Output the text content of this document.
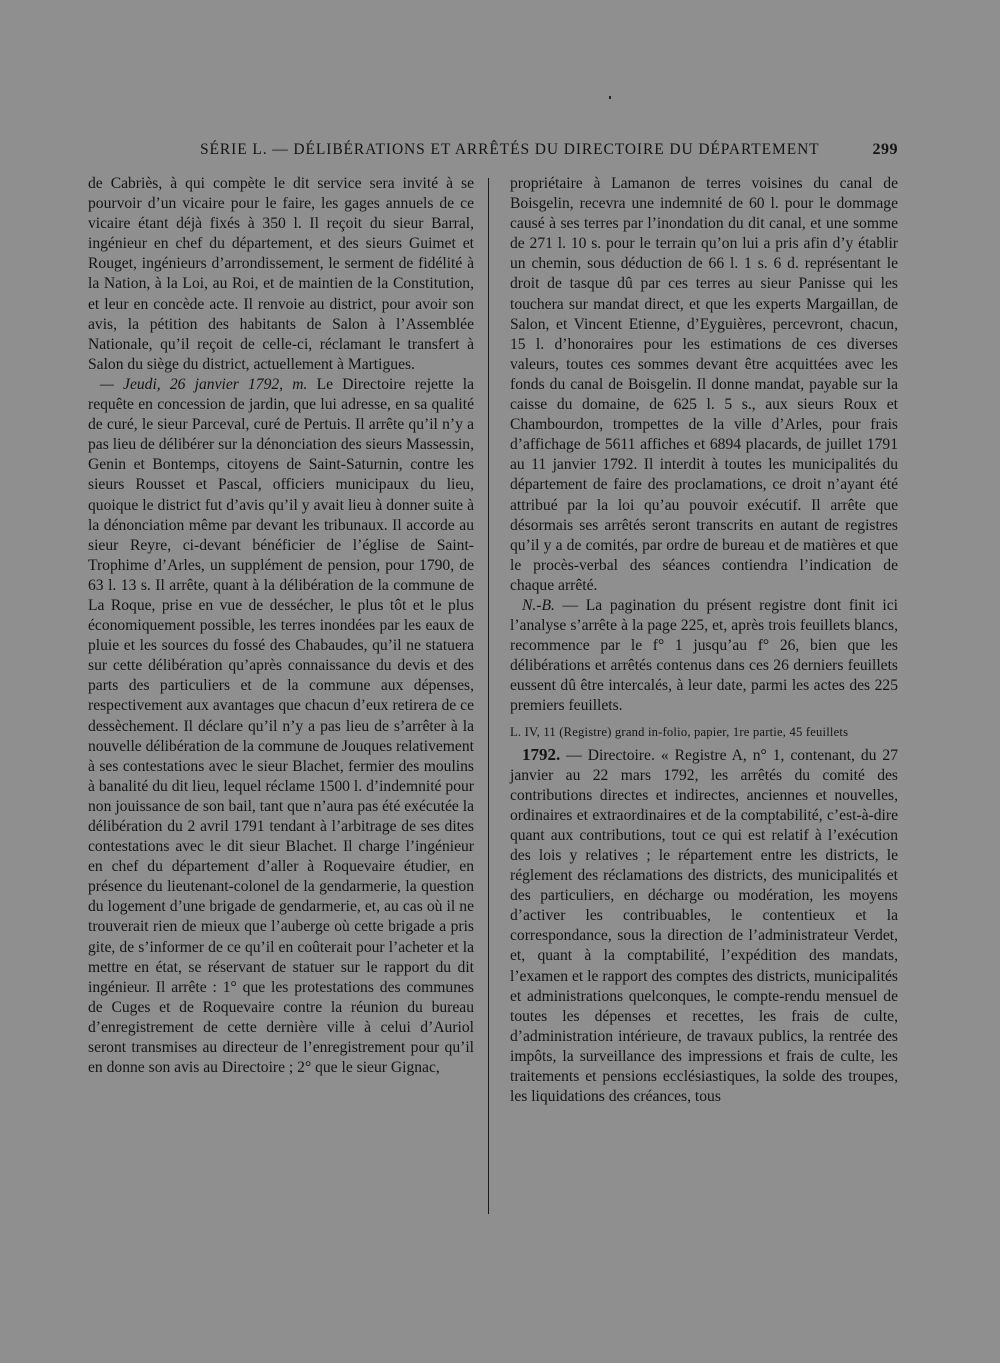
SÉRIE L. — DÉLIBÉRATIONS ET ARRÊTÉS DU DIRECTOIRE DU DÉPARTEMENT	299

de Cabriès, à qui compète le dit service sera invité à se pourvoir d’un vicaire pour le faire, les gages annuels de ce vicaire étant déjà fixés à 350 l. Il reçoit du sieur Barral, ingénieur en chef du département, et des sieurs Guimet et Rouget, ingénieurs d’arrondissement, le serment de fidélité à la Nation, à la Loi, au Roi, et de maintien de la Constitution, et leur en concède acte. Il renvoie au district, pour avoir son avis, la pétition des habitants de Salon à l’Assemblée Nationale, qu’il reçoit de celle-ci, réclamant le transfert à Salon du siège du district, actuellement à Martigues.

— Jeudi, 26 janvier 1792, m. Le Directoire rejette la requête en concession de jardin, que lui adresse, en sa qualité de curé, le sieur Parceval, curé de Pertuis. Il arrête qu’il n’y a pas lieu de délibérer sur la dénonciation des sieurs Massessin, Genin et Bontemps, citoyens de Saint-Saturnin, contre les sieurs Rousset et Pascal, officiers municipaux du lieu, quoique le district fut d’avis qu’il y avait lieu à donner suite à la dénonciation même par devant les tribunaux. Il accorde au sieur Reyre, ci-devant bénéficier de l’église de Saint-Trophime d’Arles, un supplément de pension, pour 1790, de 63 l. 13 s. Il arrête, quant à la délibération de la commune de La Roque, prise en vue de dessécher, le plus tôt et le plus économiquement possible, les terres inondées par les eaux de pluie et les sources du fossé des Chabaudes, qu’il ne statuera sur cette délibération qu’après connaissance du devis et des parts des particuliers et de la commune aux dépenses, respectivement aux avantages que chacun d’eux retirera de ce dessèchement. Il déclare qu’il n’y a pas lieu de s’arrêter à la nouvelle délibération de la commune de Jouques relativement à ses contestations avec le sieur Blachet, fermier des moulins à banalité du dit lieu, lequel réclame 1500 l. d’indemnité pour non jouissance de son bail, tant que n’aura pas été exécutée la délibération du 2 avril 1791 tendant à l’arbitrage de ses dites contestations avec le dit sieur Blachet. Il charge l’ingénieur en chef du département d’aller à Roquevaire étudier, en présence du lieutenant-colonel de la gendarmerie, la question du logement d’une brigade de gendarmerie, et, au cas où il ne trouverait rien de mieux que l’auberge où cette brigade a pris gite, de s’informer de ce qu’il en coûterait pour l’acheter et la mettre en état, se réservant de statuer sur le rapport du dit ingénieur. Il arrête : 1° que les protestations des communes de Cuges et de Roquevaire contre la réunion du bureau d’enregistrement de cette dernière ville à celui d’Auriol seront transmises au directeur de l’enregistrement pour qu’il en donne son avis au Directoire ; 2° que le sieur Gignac,

propriétaire à Lamanon de terres voisines du canal de Boisgelin, recevra une indemnité de 60 l. pour le dommage causé à ses terres par l’inondation du dit canal, et une somme de 271 l. 10 s. pour le terrain qu’on lui a pris afin d’y établir un chemin, sous déduction de 66 l. 1 s. 6 d. représentant le droit de tasque dû par ces terres au sieur Panisse qui les touchera sur mandat direct, et que les experts Margaillan, de Salon, et Vincent Etienne, d’Eyguières, percevront, chacun, 15 l. d’honoraires pour les estimations de ces diverses valeurs, toutes ces sommes devant être acquittées avec les fonds du canal de Boisgelin. Il donne mandat, payable sur la caisse du domaine, de 625 l. 5 s., aux sieurs Roux et Chambourdon, trompettes de la ville d’Arles, pour frais d’affichage de 5611 affiches et 6894 placards, de juillet 1791 au 11 janvier 1792. Il interdit à toutes les municipalités du département de faire des proclamations, ce droit n’ayant été attribué par la loi qu’au pouvoir exécutif. Il arrête que désormais ses arrêtés seront transcrits en autant de registres qu’il y a de comités, par ordre de bureau et de matières et que le procès-verbal des séances contiendra l’indication de chaque arrêté.

N.-B. — La pagination du présent registre dont finit ici l’analyse s’arrête à la page 225, et, après trois feuillets blancs, recommence par le f° 1 jusqu’au f° 26, bien que les délibérations et arrêtés contenus dans ces 26 derniers feuillets eussent dû être intercalés, à leur date, parmi les actes des 225 premiers feuillets.

L. IV, 11 (Registre) grand in-folio, papier, 1re partie, 45 feuillets

1792. — Directoire. « Registre A, n° 1, contenant, du 27 janvier au 22 mars 1792, les arrêtés du comité des contributions directes et indirectes, anciennes et nouvelles, ordinaires et extraordinaires et de la comptabilité, c’est-à-dire quant aux contributions, tout ce qui est relatif à l’exécution des lois y relatives ; le répartement entre les districts, le réglement des réclamations des districts, des municipalités et des particuliers, en décharge ou modération, les moyens d’activer les contribuables, le contentieux et la correspondance, sous la direction de l’administrateur Verdet, et, quant à la comptabilité, l’expédition des mandats, l’examen et le rapport des comptes des districts, municipalités et administrations quelconques, le compte-rendu mensuel de toutes les dépenses et recettes, les frais de culte, d’administration intérieure, de travaux publics, la rentrée des impôts, la surveillance des impressions et frais de culte, les traitements et pensions ecclésiastiques, la solde des troupes, les liquidations des créances, tous
